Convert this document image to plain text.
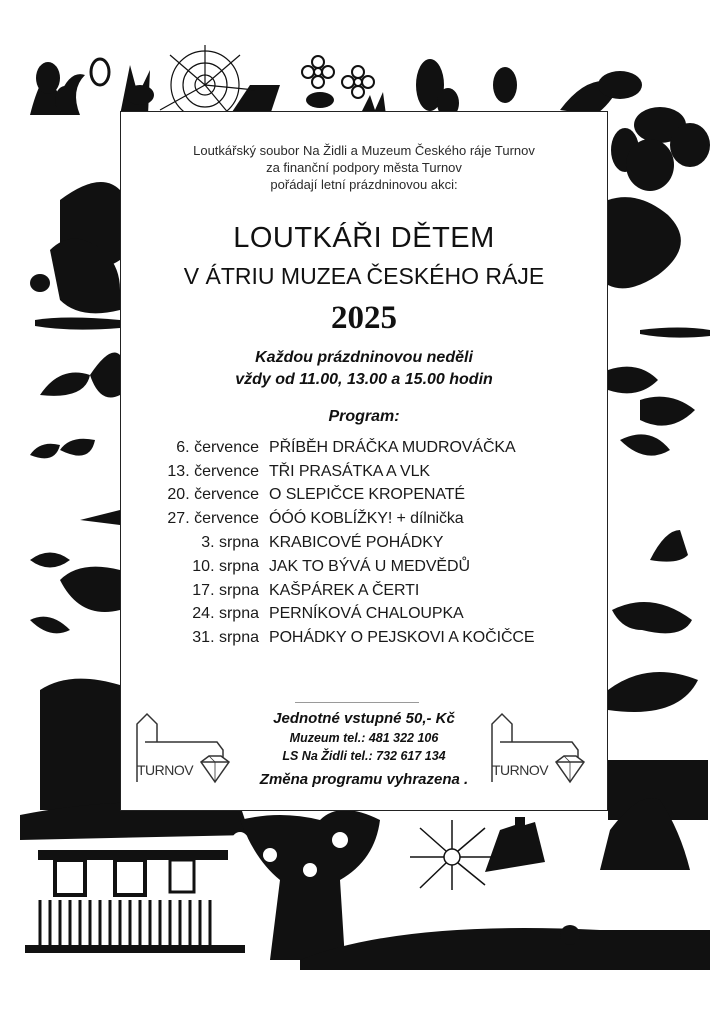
Loutkářský soubor Na Židli a Muzeum Českého ráje Turnov
za finanční podpory města Turnov
pořádají letní prázdninovou akci:
LOUTKÁŘI DĚTEM
V ÁTRIU MUZEA ČESKÉHO RÁJE
2025
Každou prázdninovou neděli
vždy od 11.00, 13.00 a 15.00 hodin
Program:
6. července PŘÍBĚH DRÁČKA MUDROVÁČKA
13. července TŘI PRASÁTKA A VLK
20. července O SLEPIČCE KROPENATÉ
27. července ÓÓÓ KOBLÍŽKY! + dílnička
3. srpna KRABICOVÉ POHÁDKY
10. srpna JAK TO BÝVÁ U MEDVĚDŮ
17. srpna KAŠPÁREK A ČERTI
24. srpna PERNÍKOVÁ CHALOUPKA
31. srpna POHÁDKY O PEJSKOVI A KOČIČCE
TURNOV
Jednotné vstupné 50,- Kč
Muzeum tel.: 481 322 106
LS Na Židli tel.: 732 617 134
Změna programu vyhrazena .
TURNOV
